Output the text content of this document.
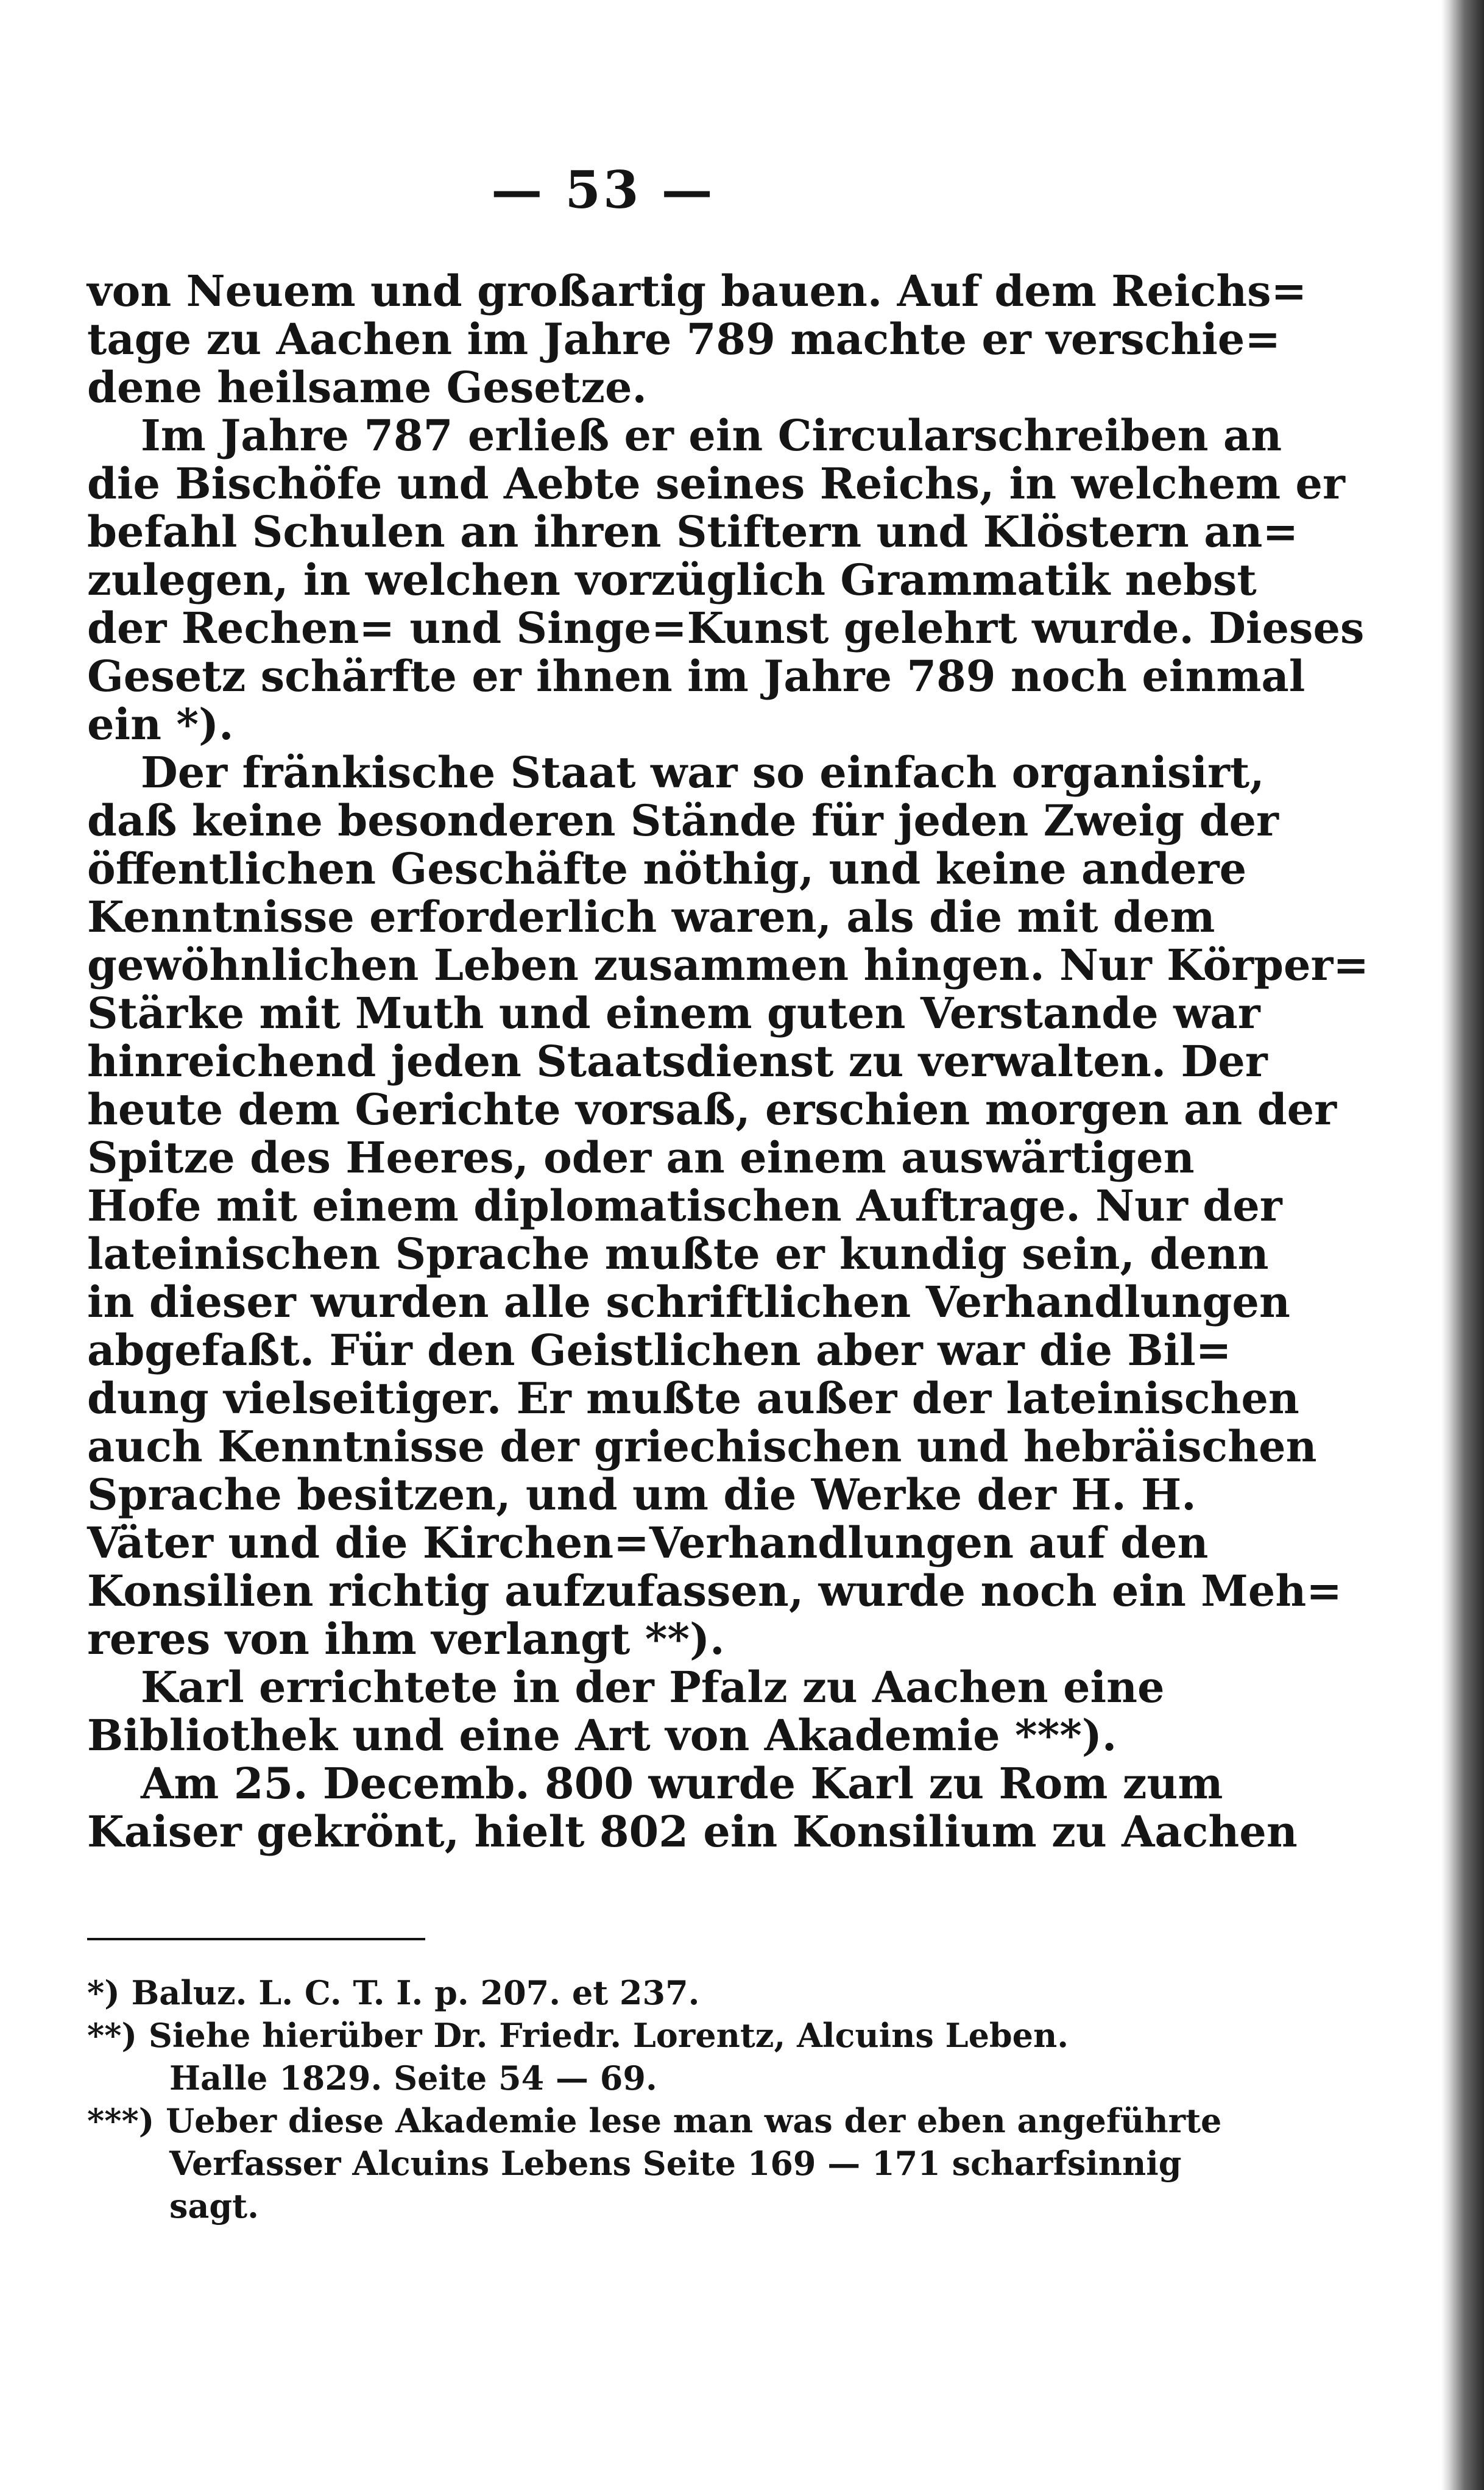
— 53 —
von Neuem und großartig bauen. Auf dem Reichs=
tage zu Aachen im Jahre 789 machte er verschie=
dene heilsame Gesetze.
Im Jahre 787 erließ er ein Circularschreiben an
die Bischöfe und Aebte seines Reichs, in welchem er
befahl Schulen an ihren Stiftern und Klöstern an=
zulegen, in welchen vorzüglich Grammatik nebst
der Rechen= und Singe=Kunst gelehrt wurde. Dieses
Gesetz schärfte er ihnen im Jahre 789 noch einmal
ein *).
Der fränkische Staat war so einfach organisirt,
daß keine besonderen Stände für jeden Zweig der
öffentlichen Geschäfte nöthig, und keine andere
Kenntnisse erforderlich waren, als die mit dem
gewöhnlichen Leben zusammen hingen. Nur Körper=
Stärke mit Muth und einem guten Verstande war
hinreichend jeden Staatsdienst zu verwalten. Der
heute dem Gerichte vorsaß, erschien morgen an der
Spitze des Heeres, oder an einem auswärtigen
Hofe mit einem diplomatischen Auftrage. Nur der
lateinischen Sprache mußte er kundig sein, denn
in dieser wurden alle schriftlichen Verhandlungen
abgefaßt. Für den Geistlichen aber war die Bil=
dung vielseitiger. Er mußte außer der lateinischen
auch Kenntnisse der griechischen und hebräischen
Sprache besitzen, und um die Werke der H. H.
Väter und die Kirchen=Verhandlungen auf den
Konsilien richtig aufzufassen, wurde noch ein Meh=
reres von ihm verlangt **).
Karl errichtete in der Pfalz zu Aachen eine
Bibliothek und eine Art von Akademie ***).
Am 25. Decemb. 800 wurde Karl zu Rom zum
Kaiser gekrönt, hielt 802 ein Konsilium zu Aachen
*) Baluz. L. C. T. I. p. 207. et 237.
**) Siehe hierüber Dr. Friedr. Lorentz, Alcuins Leben.
Halle 1829. Seite 54 — 69.
***) Ueber diese Akademie lese man was der eben angeführte
Verfasser Alcuins Lebens Seite 169 — 171 scharfsinnig
sagt.
